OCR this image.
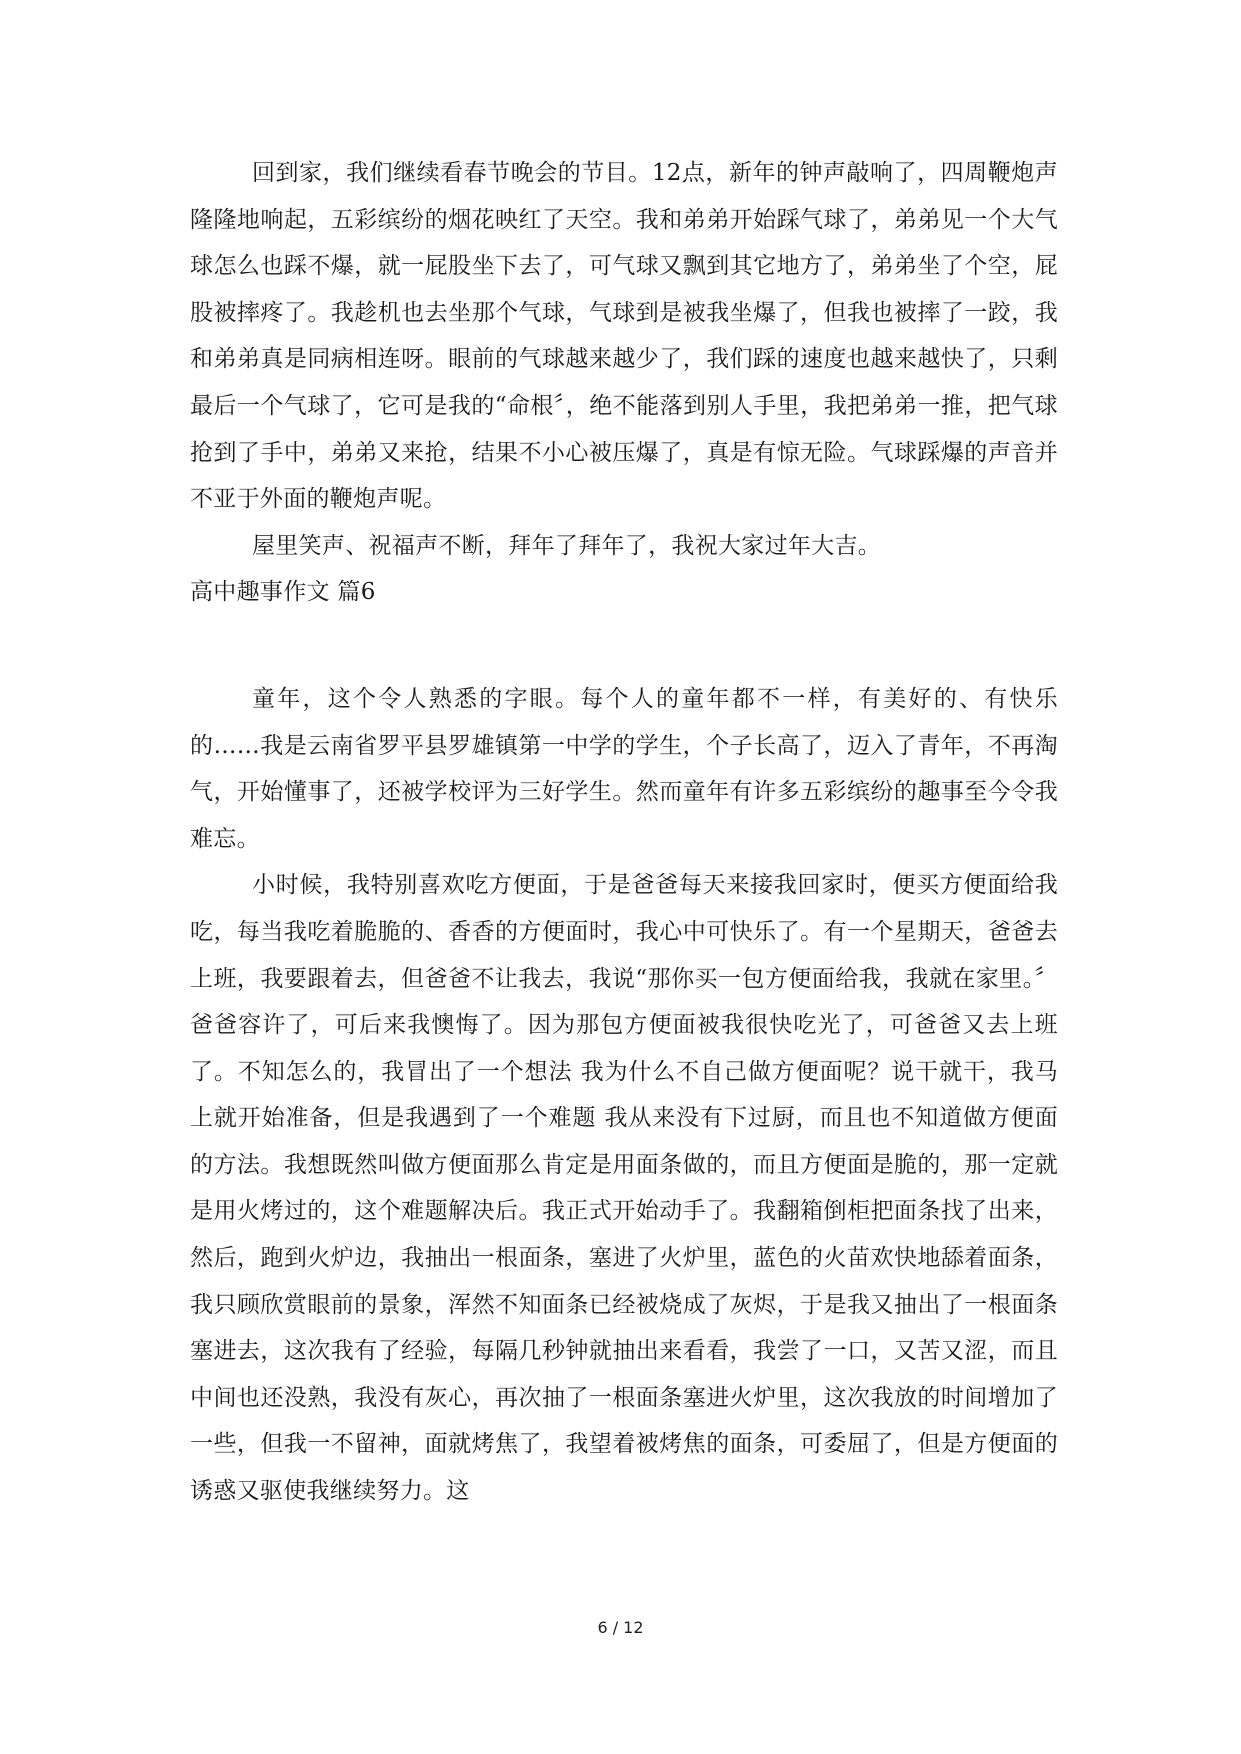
回到家，我们继续看春节晚会的节目。12点，新年的钟声敲响了，四周鞭炮声隆隆地响起，五彩缤纷的烟花映红了天空。我和弟弟开始踩气球了，弟弟见一个大气球怎么也踩不爆，就一屁股坐下去了，可气球又飘到其它地方了，弟弟坐了个空，屁股被摔疼了。我趁机也去坐那个气球，气球到是被我坐爆了，但我也被摔了一跤，我和弟弟真是同病相连呀。眼前的气球越来越少了，我们踩的速度也越来越快了，只剩最后一个气球了，它可是我的“命根〞，绝不能落到别人手里，我把弟弟一推，把气球抢到了手中，弟弟又来抢，结果不小心被压爆了，真是有惊无险。气球踩爆的声音并不亚于外面的鞭炮声呢。

屋里笑声、祝福声不断，拜年了拜年了，我祝大家过年大吉。

高中趣事作文 篇6

童年，这个令人熟悉的字眼。每个人的童年都不一样，有美好的、有快乐的……我是云南省罗平县罗雄镇第一中学的学生，个子长高了，迈入了青年，不再淘气，开始懂事了，还被学校评为三好学生。然而童年有许多五彩缤纷的趣事至今令我难忘。

小时候，我特别喜欢吃方便面，于是爸爸每天来接我回家时，便买方便面给我吃，每当我吃着脆脆的、香香的方便面时，我心中可快乐了。有一个星期天，爸爸去上班，我要跟着去，但爸爸不让我去，我说“那你买一包方便面给我，我就在家里。〞爸爸容许了，可后来我懊悔了。因为那包方便面被我很快吃光了，可爸爸又去上班了。不知怎么的，我冒出了一个想法 我为什么不自己做方便面呢？说干就干，我马上就开始准备，但是我遇到了一个难题 我从来没有下过厨，而且也不知道做方便面的方法。我想既然叫做方便面那么肯定是用面条做的，而且方便面是脆的，那一定就是用火烤过的，这个难题解决后。我正式开始动手了。我翻箱倒柜把面条找了出来，然后，跑到火炉边，我抽出一根面条，塞进了火炉里，蓝色的火苗欢快地舔着面条，我只顾欣赏眼前的景象，浑然不知面条已经被烧成了灰烬，于是我又抽出了一根面条塞进去，这次我有了经验，每隔几秒钟就抽出来看看，我尝了一口，又苦又涩，而且中间也还没熟，我没有灰心，再次抽了一根面条塞进火炉里，这次我放的时间增加了一些，但我一不留神，面就烤焦了，我望着被烤焦的面条，可委屈了，但是方便面的诱惑又驱使我继续努力。这

6 / 12
